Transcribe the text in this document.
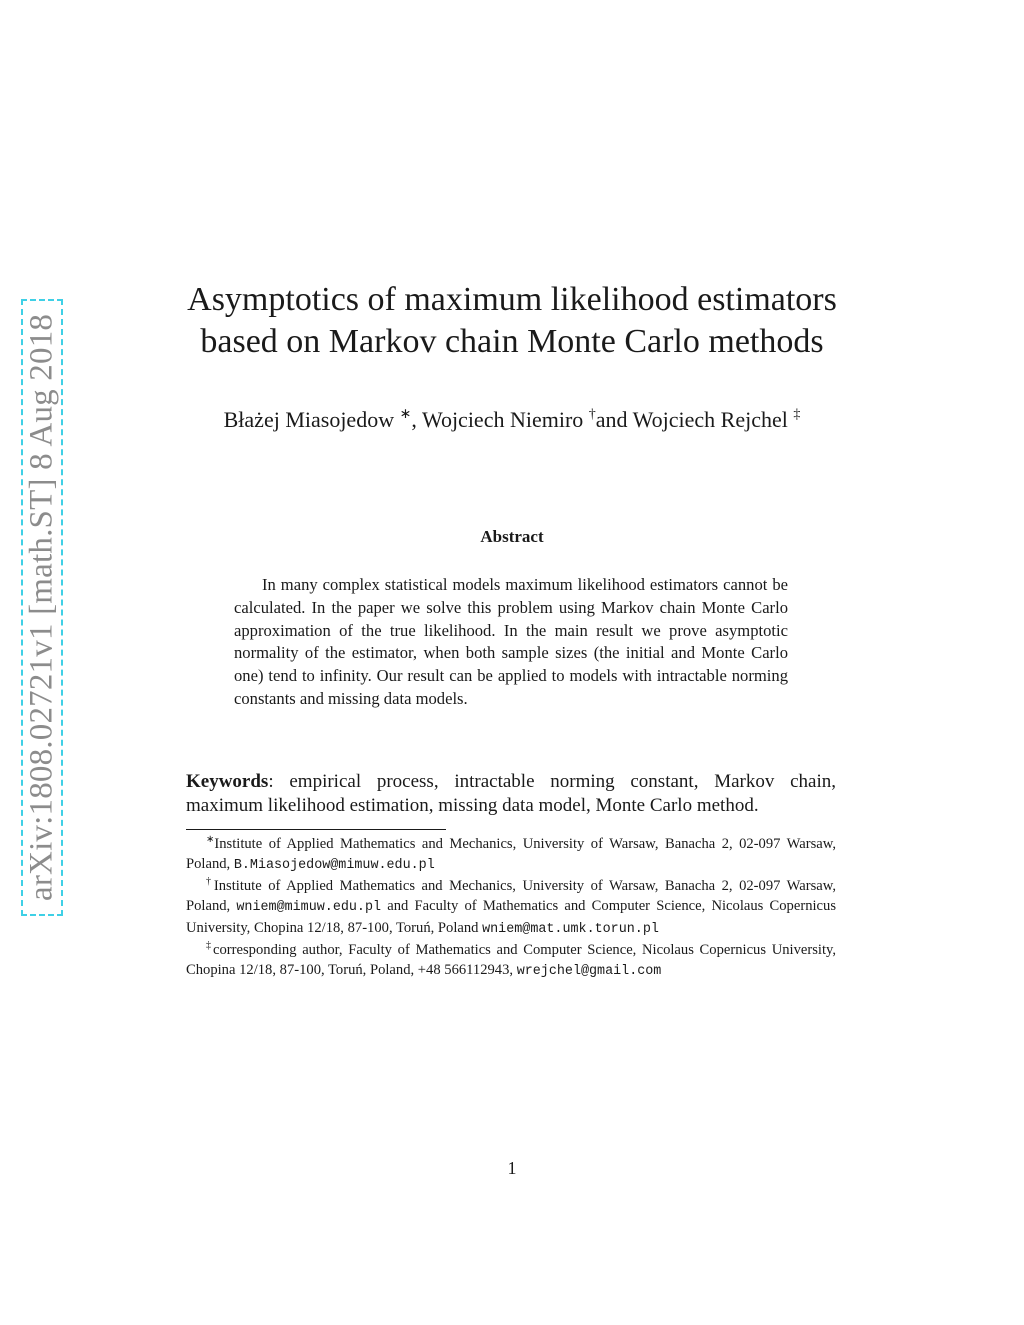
arXiv:1808.02721v1 [math.ST] 8 Aug 2018
Asymptotics of maximum likelihood estimators
based on Markov chain Monte Carlo methods
Błażej Miasojedow ∗, Wojciech Niemiro †and Wojciech Rejchel ‡
Abstract

In many complex statistical models maximum likelihood estimators cannot be calculated. In the paper we solve this problem using Markov chain Monte Carlo approximation of the true likelihood. In the main result we prove asymptotic normality of the estimator, when both sample sizes (the initial and Monte Carlo one) tend to infinity. Our result can be applied to models with intractable norming constants and missing data models.

Keywords: empirical process, intractable norming constant, Markov chain, maximum likelihood estimation, missing data model, Monte Carlo method.

∗Institute of Applied Mathematics and Mechanics, University of Warsaw, Banacha 2, 02-097 Warsaw, Poland, B.Miasojedow@mimuw.edu.pl

†Institute of Applied Mathematics and Mechanics, University of Warsaw, Banacha 2, 02-097 Warsaw, Poland, wniem@mimuw.edu.pl and Faculty of Mathematics and Computer Science, Nicolaus Copernicus University, Chopina 12/18, 87-100, Toruń, Poland wniem@mat.umk.torun.pl

‡corresponding author, Faculty of Mathematics and Computer Science, Nicolaus Copernicus University, Chopina 12/18, 87-100, Toruń, Poland, +48 566112943, wrejchel@gmail.com

1
